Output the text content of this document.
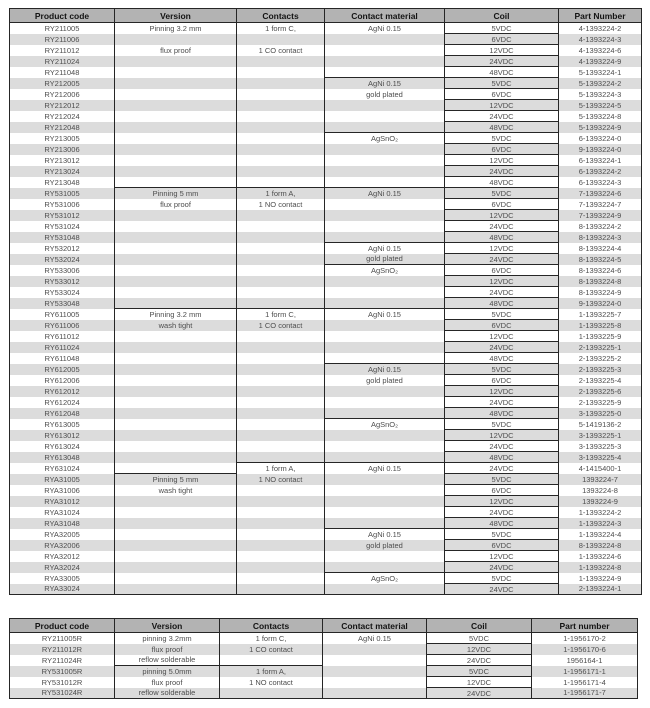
Product code	Version	Contacts	Contact material	Coil	Part Number
RY211005	Pinning 3.2 mm	1 form C,	AgNi 0.15	5VDC	4-1393224-2
RY211006				6VDC	4-1393224-3
RY211012	flux proof	1 CO contact		12VDC	4-1393224-6
RY211024				24VDC	4-1393224-9
RY211048				48VDC	5-1393224-1
RY212005			AgNi 0.15	5VDC	5-1393224-2
RY212006			gold plated	6VDC	5-1393224-3
RY212012				12VDC	5-1393224-5
RY212024				24VDC	5-1393224-8
RY212048				48VDC	5-1393224-9
RY213005			AgSnO₂	5VDC	6-1393224-0
RY213006				6VDC	9-1393224-0
RY213012				12VDC	6-1393224-1
RY213024				24VDC	6-1393224-2
RY213048				48VDC	6-1393224-3
RY531005	Pinning 5 mm	1 form A,	AgNi 0.15	5VDC	7-1393224-6
RY531006	flux proof	1 NO contact		6VDC	7-1393224-7
RY531012				12VDC	7-1393224-9
RY531024				24VDC	8-1393224-2
RY531048				48VDC	8-1393224-3
RY532012			AgNi 0.15	12VDC	8-1393224-4
RY532024			gold plated	24VDC	8-1393224-5
RY533006			AgSnO₂	6VDC	8-1393224-6
RY533012				12VDC	8-1393224-8
RY533024				24VDC	8-1393224-9
RY533048				48VDC	9-1393224-0
RY611005	Pinning 3.2 mm	1 form C,	AgNi 0.15	5VDC	1-1393225-7
RY611006	wash tight	1 CO contact		6VDC	1-1393225-8
RY611012				12VDC	1-1393225-9
RY611024				24VDC	2-1393225-1
RY611048				48VDC	2-1393225-2
RY612005			AgNi 0.15	5VDC	2-1393225-3
RY612006			gold plated	6VDC	2-1393225-4
RY612012				12VDC	2-1393225-6
RY612024				24VDC	2-1393225-9
RY612048				48VDC	3-1393225-0
RY613005			AgSnO₂	5VDC	5-1419136-2
RY613012				12VDC	3-1393225-1
RY613024				24VDC	3-1393225-3
RY613048				48VDC	3-1393225-4
RY631024		1 form A,	AgNi 0.15	24VDC	4-1415400-1
RYA31005	Pinning 5 mm	1 NO contact		5VDC	1393224-7
RYA31006	wash tight			6VDC	1393224-8
RYA31012				12VDC	1393224-9
RYA31024				24VDC	1-1393224-2
RYA31048				48VDC	1-1393224-3
RYA32005			AgNi 0.15	5VDC	1-1393224-4
RYA32006			gold plated	6VDC	8-1393224-8
RYA32012				12VDC	1-1393224-6
RYA32024				24VDC	1-1393224-8
RYA33005			AgSnO₂	5VDC	1-1393224-9
RYA33024				24VDC	2-1393224-1
Product code	Version	Contacts	Contact material	Coil	Part number
RY211005R	pinning 3.2mm	1 form C,	AgNi 0.15	5VDC	1-1956170-2
RY211012R	flux proof	1 CO contact		12VDC	1-1956170-6
RY211024R	reflow solderable			24VDC	1956164-1
RY531005R	pinning 5.0mm	1 form A,		5VDC	1-1956171-1
RY531012R	flux proof	1 NO contact		12VDC	1-1956171-4
RY531024R	reflow solderable			24VDC	1-1956171-7
